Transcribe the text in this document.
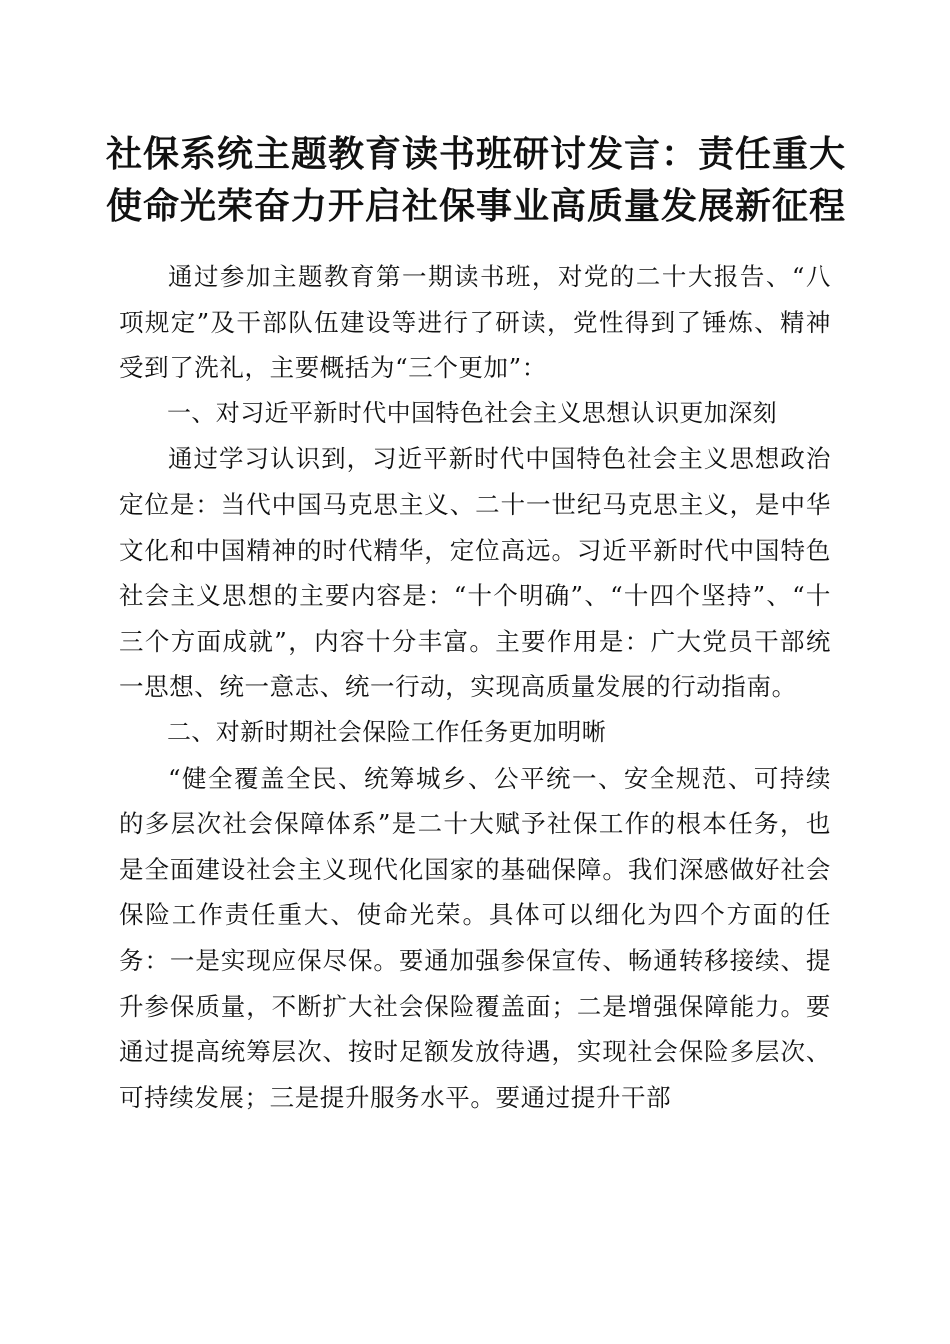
社保系统主题教育读书班研讨发言：责任重大
使命光荣奋力开启社保事业高质量发展新征程

通过参加主题教育第一期读书班，对党的二十大报告、“八项规定”及干部队伍建设等进行了研读，党性得到了锤炼、精神受到了洗礼，主要概括为“三个更加”：

一、对习近平新时代中国特色社会主义思想认识更加深刻

通过学习认识到，习近平新时代中国特色社会主义思想政治定位是：当代中国马克思主义、二十一世纪马克思主义，是中华文化和中国精神的时代精华，定位高远。习近平新时代中国特色社会主义思想的主要内容是：“十个明确”、“十四个坚持”、“十三个方面成就”，内容十分丰富。主要作用是：广大党员干部统一思想、统一意志、统一行动，实现高质量发展的行动指南。

二、对新时期社会保险工作任务更加明晰

“健全覆盖全民、统筹城乡、公平统一、安全规范、可持续的多层次社会保障体系”是二十大赋予社保工作的根本任务，也是全面建设社会主义现代化国家的基础保障。我们深感做好社会保险工作责任重大、使命光荣。具体可以细化为四个方面的任务：一是实现应保尽保。要通加强参保宣传、畅通转移接续、提升参保质量，不断扩大社会保险覆盖面；二是增强保障能力。要通过提高统筹层次、按时足额发放待遇，实现社会保险多层次、可持续发展；三是提升服务水平。要通过提升干部
